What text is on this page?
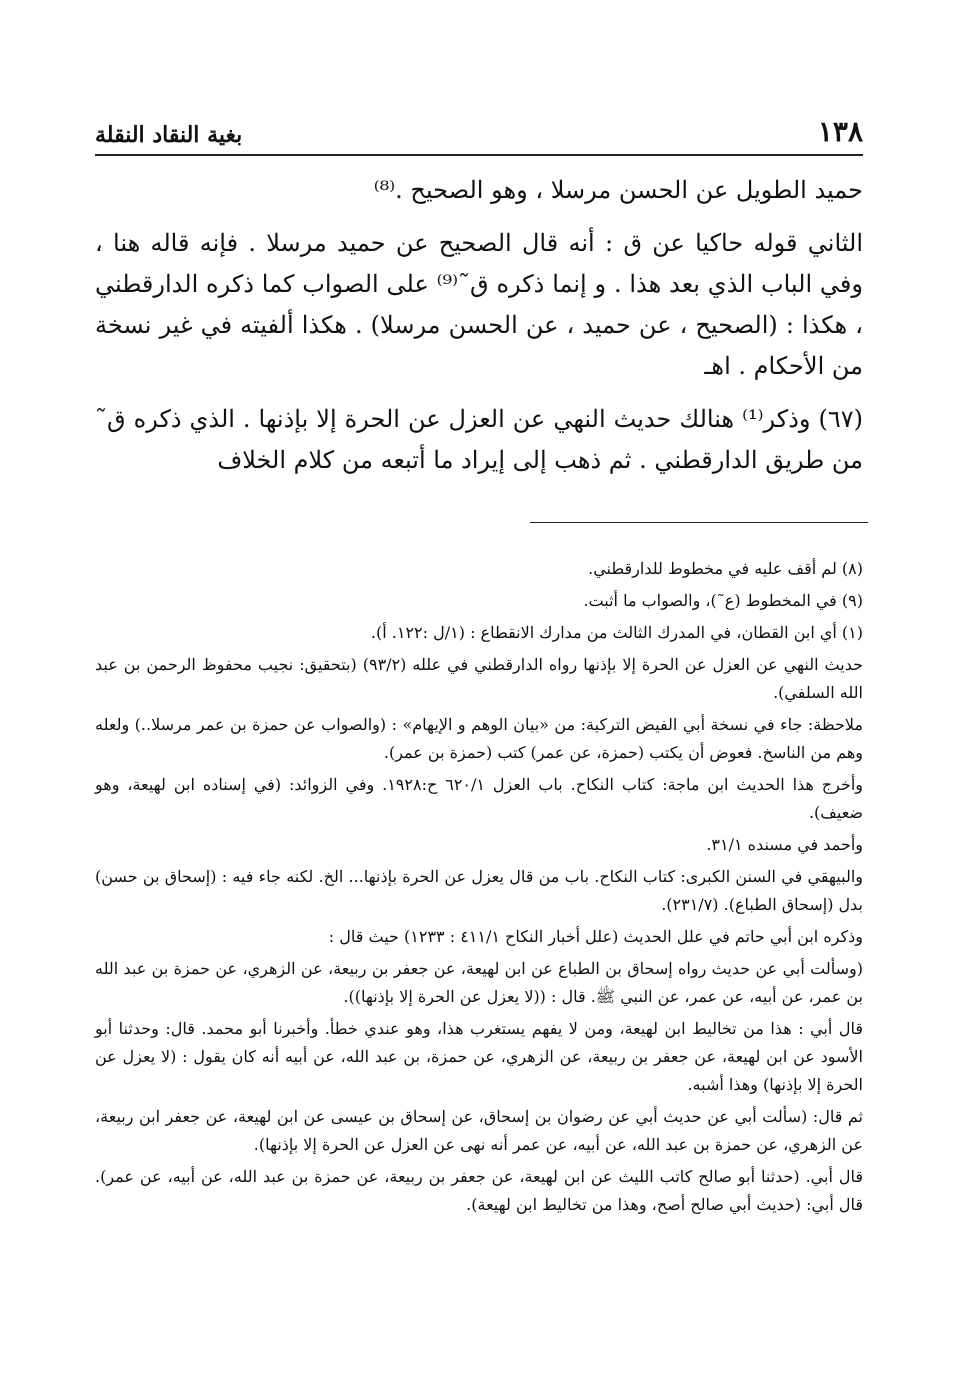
١٣٨
بغية النقاد النقلة

حميد الطويل عن الحسن مرسلا ، وهو الصحيح .⁽⁸⁾

الثاني قوله حاكيا عن ق : أنه قال الصحيح عن حميد مرسلا . فإنه قاله هنا ، وفي الباب الذي بعد هذا . و إنما ذكره ق˜⁽⁹⁾ على الصواب كما ذكره الدارقطني ، هكذا : (الصحيح ، عن حميد ، عن الحسن مرسلا) . هكذا ألفيته في غير نسخة من الأحكام . اهـ

(٦٧) وذكر⁽¹⁾ هنالك حديث النهي عن العزل عن الحرة إلا بإذنها . الذي ذكره ق˜ من طريق الدارقطني . ثم ذهب إلى إيراد ما أتبعه من كلام الخلاف

(٨) لم أقف عليه في مخطوط للدارقطني.

(٩) في المخطوط (ع˜)، والصواب ما أثبت.

(١) أي ابن القطان، في المدرك الثالث من مدارك الانقطاع : (١/ل :١٢٢. أ).

حديث النهي عن العزل عن الحرة إلا بإذنها رواه الدارقطني في علله (٩٣/٢) (بتحقيق: نجيب محفوظ الرحمن بن عبد الله السلفي).

ملاحظة: جاء في نسخة أبي الفيض التركية: من «بيان الوهم و الإيهام» : (والصواب عن حمزة بن عمر مرسلا..) ولعله وهم من الناسخ. فعوض أن يكتب (حمزة، عن عمر) كتب (حمزة بن عمر).

وأخرج هذا الحديث ابن ماجة: كتاب النكاح. باب العزل ٦٢٠/١ ح:١٩٢٨. وفي الزوائد: (في إسناده ابن لهيعة، وهو ضعيف).

وأحمد في مسنده ٣١/١.

والبيهقي في السنن الكبرى: كتاب النكاح. باب من قال يعزل عن الحرة بإذنها... الخ. لكنه جاء فيه : (إسحاق بن حسن) بدل (إسحاق الطباع). (٢٣١/٧).

وذكره ابن أبي حاتم في علل الحديث (علل أخبار النكاح ٤١١/١ : ١٢٣٣) حيث قال :

(وسألت أبي عن حديث رواه إسحاق بن الطباع عن ابن لهيعة، عن جعفر بن ربيعة، عن الزهري، عن حمزة بن عبد الله بن عمر، عن أبيه، عن عمر، عن النبي ﷺ. قال : ((لا يعزل عن الحرة إلا بإذنها)).

قال أبي : هذا من تخاليط ابن لهيعة، ومن لا يفهم يستغرب هذا، وهو عندي خطأ. وأخبرنا أبو محمد. قال: وحدثنا أبو الأسود عن ابن لهيعة، عن جعفر بن ربيعة، عن الزهري، عن حمزة، بن عبد الله، عن أبيه أنه كان يقول : (لا يعزل عن الحرة إلا بإذنها) وهذا أشبه.

ثم قال: (سألت أبي عن حديث أبي عن رضوان بن إسحاق، عن إسحاق بن عيسى عن ابن لهيعة، عن جعفر ابن ربيعة، عن الزهري، عن حمزة بن عبد الله، عن أبيه، عن عمر أنه نهى عن العزل عن الحرة إلا بإذنها).

قال أبي. (حدثنا أبو صالح كاتب الليث عن ابن لهيعة، عن جعفر بن ربيعة، عن حمزة بن عبد الله، عن أبيه، عن عمر). قال أبي: (حديث أبي صالح أصح، وهذا من تخاليط ابن لهيعة).
